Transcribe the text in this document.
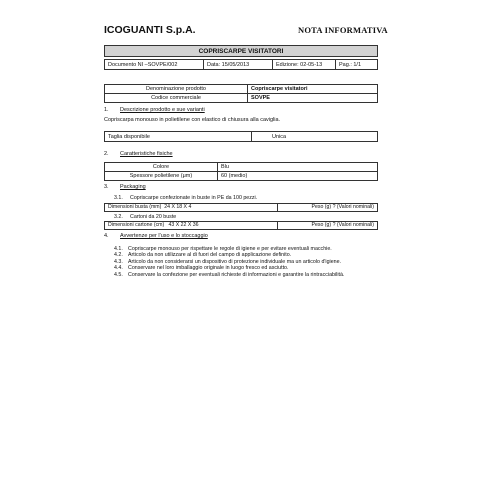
ICOGUANTI S.p.A.	NOTA INFORMATIVA
COPRISCARPE VISITATORI
Documento NI –SOVPE/002	Data: 15/05/2013	Edizione: 02-05-13	Pag.: 1/1
Denominazione prodotto	Copriscarpe visitatori
Codice commerciale	SOVPE
1. Descrizione prodotto e sue varianti
Copriscarpa monouso in polietilene con elastico di chiusura alla caviglia.
Taglia disponibile	Unica
2. Caratteristiche fisiche
Colore	Blu
Spessore polietilene (μm)	60 (medio)
3. Packaging
3.1. Copriscarpe confezionate in buste in PE da 100 pezzi.
Dimensioni busta (mm) 24 X 18 X 4	Peso (g) ? (Valori nominali)
3.2. Cartoni da 20 buste
Dimensioni cartone (cm) 43 X 22 X 36	Peso (g) ? (Valori nominali)
4. Avvertenze per l'uso e lo stoccaggio
4.1. Copriscarpe monouso per rispettare le regole di igiene e per evitare eventuali macchie.
4.2. Articolo da non utilizzare al di fuori del campo di applicazione definito.
4.3. Articolo da non considerarsi un dispositivo di protezione individuale ma un articolo d'igiene.
4.4. Conservare nel loro imballaggio originale in luogo fresco ed asciutto.
4.5. Conservare la confezione per eventuali richieste di informazioni e garantire la rintracciabilità.
